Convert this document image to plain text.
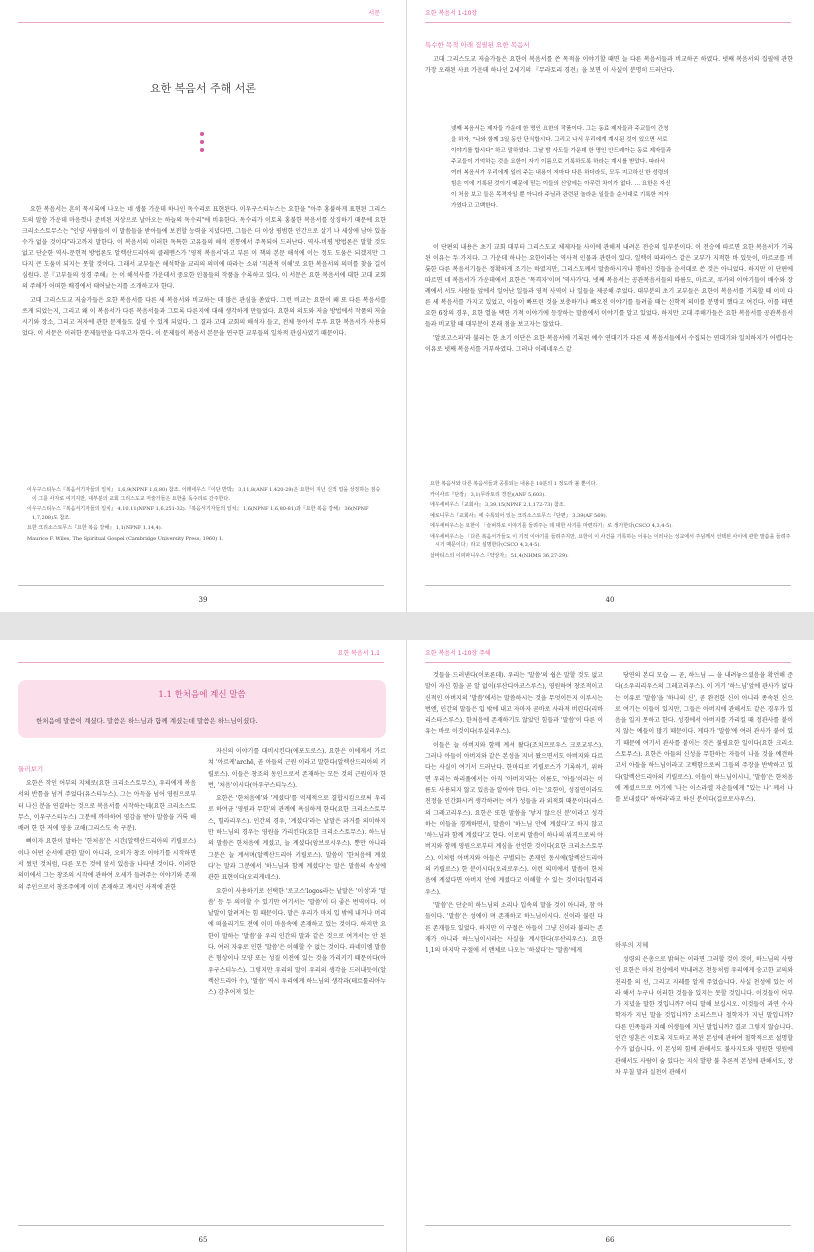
서문
요한 복음서 주해 서론

요한 복음서는 흔히 묵시록에 나오는 네 생물 가운데 하나인 독수리로 표현된다. 이우구스티누스는 요한을 "아주 홍불하게 표현된 그리스도의 말씀 가운데 마음껏나 준비된 지상으로 날아오는 하늘의 독수리"에 비유한다. 독수리가 이토록 홍불한 복음서를 상징하기 때문에 요한 크리소스토무스는 "인양 사람들이 이 말씀들을 받아들에 보전할 능력을 지녔다면, 그들은 더 이상 평범한 인간으로 살기 나 세상에 남아 있을 수가 없을 것이다"라고까지 말한다. 이 복음서의 이러한 독특한 고유들의 해석 전통에서 주목되어 드러난다. 역사-비평 방법론은 말할 것도 없고 단순한 역사-문헌적 방법론도 알렉산드리아의 클레멘스가 '영적 복음서'라고 부른 이 책의 본문 해석에 이는 정도 도움은 되겠지만 그 다지 큰 도움이 되지는 못할 것이다. 그래서 교부들은 해석학을 교리의 의미에 따라는 소위 '직관적 이해'로 요한 복음서의 의미를 찾을 길이 심원다. 본『고부들의 성경 주해』는 이 해석사를 가운데서 중요한 인물들의 작품을 수록하고 있다. 이 서문은 요한 복음서에 대한 고대 교회의 주해가 어떠한 배경에서 태어났는지를 소개하고자 한다.

고대 그리스도교 저술가들은 요한 복음서를 다른 세 복음서와 비교하는 데 많은 관심을 쏟았다. 그런 비교는 요한이 왜 또 다른 복음서를 쓰게 되었는지, 그리고 왜 이 복음서가 다른 복음서들과 그토록 다른지에 대해 생각하게 만들었다. 요한의 의도와 저술 방법에서 작품의 저술 시기와 장소, 그리고 저자에 관한 문제들도 살필 수 있게 되었다. 그 결과 고대 교회의 해석자 들고, 전체 동아서 무루 요한 복음서가 사용되었다. 이 서문은 이러한 문제들만을 다루고자 한다. 이 문제들이 복음서 본문을 연구한 교부들의 일차적 관심사였기 때문이다.

이우구스티누스『복음서기자들의 일치』 1,6,9(NPNF 1,6,80) 참조. 이레네우스『이단 반박』 3,11,8(ANF 1,420-29)은 요한이 지닌 신적 얼을 상징하는 짐승이 그를 사자로 여기지만, 대부분의 교회 그리스도교 저술가들은 요한을 독수리로 간주한다.

이우구스티누스『복음서기자들의 일치』 4,10,11(NPNF 1,6,251-32).『복음서기자들의 일치』 1,6(NPNF 1,6,80-81)과『요한 복음 강해』 36(NPNF 1,7,208)도 참조.

요한 크리소스토무스『요한 복음 강해』 1,1(NPNF 1,14,4).

Maurice F. Wiles, The Spiritual Gospel (Cambridge University Press, 1960) 1.

39
요한 복음서 1-10장
특수한 목적 아래 집필된 요한 복음서

고대 그리스도교 저술가들은 요한이 복음서를 쓴 목적을 이야기할 때면 늘 다른 복음서들과 비교하곤 하였다. 넷째 복음서의 집필에 관한 가장 오래된 사료 가운데 하나인 2세기의 『무라토리 경전』을 보면 이 사실이 분명히 드러난다.

넷째 복음서는 제자들 가운데 한 명인 요한의 작품이다. 그는 동료 제자들과 주교들이 간청
을 하자, "나와 함께 3일 동안 단식합시다. 그리고 나서 우리에게 계시된 것이 있으면 서로
이야기를 합시다" 하고 말하였다. 그날 밤 사도들 가운데 한 명인 안드레아는 동료 제자들과
주교들이 기억하는 것을 요한이 자기 이름으로 기록하도록 하라는 계시를 받았다. 따라서
여러 복음서가 우리에게 일러 주는 내용이 저마다 다른 하더라도, 모두 지고하신 한 성령의
힘은 이에 기록된 것이기 때문에 믿는 이들의 신앙에는 아무런 차이가 없다. … 요한은 자신
이 처음 보고 들은 목격자일 뿐 아니라 주님과 관련된 놀라운 일들을 순서대로 기록한 저자
가였다고 고백한다.

이 단편의 내용은 초기 교회 대부터 그리스도교 체제자들 사이에 관해져 내려온 전승의 일부분이다. 이 전승에 따르면 요한 복음서가 기록된 이유는 두 가지다. 그 가운데 하나는 요한이라는 역사적 인물과 관련이 있다. 일렉이 따파아스 같은 교부가 지적한 바 있듯이, 마르코를 비롯한 다른 복음서기들은 정확하게 조기는 하였지만, 그리스도께서 말씀하시거나 행하신 것들을 순서대로 쓴 것은 아니었다. 하지만 이 단편에 따르면 네 복음서가 가운데에서 요한은 '목격자'이며 '역사가'다. 넷째 복음서는 공관복음서들의 따름도, 마르코, 루카의 이야기들이 배수와 장례에서 서도 사람들 앞에서 일어난 일들과 영적 사역이 나 일들을 제공해 주었다. 대부분의 초기 교부들은 요한이 복음서를 기록할 때 이미 다른 세 복음서를 가지고 있었고, 이들이 빠뜨린 것을 보충하기나 빠오진 이야기를 들려줄 때는 신학적 의미를 분명히 했다고 여긴다. 이를 테면 요한 6장의 경우, 요한 열을 택한 기적 이야기에 등장하는 말씀에서 이야기를 알고 있었다. 하지만 고대 주해가들은 요한 복음서를 공관복음서들과 비교할 때 대부분이 본래 점을 보고자는 않았다.

'알로고스파'라 불리는 한 초기 이단은 요한 복음서에 기록된 예수 연대기가 다른 세 복음서들에서 수집되는 연대기와 일치하지가 어렵다는 이유로 넷째 복음서를 거부하였다. 그러나 이레네우스 같

요한 복음서와 다른 복음서들과 공통되는 내용은 10분의 1 정도라 볼 뿐이다.

카이사르『단장』 3,1(무라토리 경전)(ANF 5,603).

에우세비우스『교회사』 3,39,15(NPNF 2,1,172-73) 참조.

예로니무스『교회사』에 수록되어 있는 크리소스토무스『단편』 3,39(AF 569).

에우세비우스는 요한이 「슬퍼하로 이야기를 들려주는 데 대한 사기를 마련하기」로 생가한다(CSCO 4,3,4-5).

에우세비우스는 「다른 복음서가들도 이 기적 이야기를 들려주지만, 요한이 이 사건을 기록하는 이유는 이러나는 성교에서 주님께서 선택된 사이에 관한 말씀을 들려주시기 때문이다」라고 설명한다(CSCO 4,3,4-5).

살바티스의 이피파니우스『약상자』 51,4(NHMS 36,27-29).

40
요한 복음서 1,1
1.1 한처음에 계신 말씀
한처음에 말씀이 계셨다. 말씀은 하느님과 함께 계셨는데 말씀은 하느님이셨다.
둘러보기

요한은 작인 어부의 지체로(요한 크리소스토무스), 우리에게 복음서의 반틈을 넘겨 주었다(유스티누스). 그는 아득을 넘어 영원으로부터 나신 분을 연결하는 것으로 복음서를 시작하는데(요한 크리소스토무스, 이우구스티누스) 그분에 까마하여 영감을 받아 말씀을 거룩 해 배려 한 한 저에 영웅 교해(그리스도 속 구분).

뼈이자 요한이 말하는 '한처음'은 시간(알렉산드리아의 키릴로스)이나 어떤 순서에 관한 말이 아니라, 오히가 창조 이야기를 시작하면서 썼던 것처럼, 다른 모든 것에 앞서 있음을 나타낸 것이다. 이러한 의미에서 그는 창조의 시작에 관하여 오세가 들려주는 이야기와 존재의 주인으로서 창조주에게 이미 존재하고 계시던 사적에 관한

자신의 이야기를 대비시킨다(에포도로스). 요한은 이에게서 가르쳐 '아르케'archē, 곧 아들의 근원 이라고 말한다(알렉산드리아의 키릴로스). 이들은 창조의 동인으로서 존재하는 모든 것의 근원이자 한번, '처음'이시다(아우구스티누스).

요한은 '한처음에'와 '계셨다'를 억제적으로 결합시킴으로써 우리로 하여금 '영원과 무한'의 관계에 욕심하게 한다(요한 크리소스토무스, 힐라리우스). 인간의 경우, '계셨다'라는 낱말은 과거를 의미하지만 하느님의 경우는 영원을 가리킨다(요한 크리소스토무스). 하느님의 말씀은 한처음에 계셨고, 늘 계셨다(암브로시우스). 뿐만 아니라 그분은 늘 계셔며(알렉산드리아 키릴로스). 말씀이 '한처음에 계셨다'는 말과 그분에서 '하느님과 함께 계셨다'는 말은 말씀의 속성에 관한 표현이다(오리게네스).

요한이 사용하기로 선택한 '로고스'logos라는 낱말은 '이성'과 '말씀' 등 두 의미할 수 있기만 여기서는 '말씀'이 더 좋은 번역이다. 이 낱말이 알려져는 힘 때문이다. 말은 우리가 마치 입 밖에 내거나 머리에 떠올리기도 전에 이미 마음속에 존재하고 있는 것이다. 하지만 요한이 말하는 '말씀'을 우리 인간의 말과 같은 것으로 여겨서는 안 된다. 여러 자유로 인한 '말씀'은 이해할 수 없는 것이다. 파네미엠 말씀은 형상이나 모양 또는 성질 이전에 있는 것을 가리키기 때문이다(아우구스티누스). 그렇지만 우리의 말이 우리의 생각을 드러내듯이(알렉산드리아 수), '말씀' 역시 우리에게 하느님의 생각과(테르툴리아누스) 감추어져 있는

65
요한 복음서 1-10장 주해

것들을 드러낸다(이포론데). 우리는 '말씀'의 쉽은 말할 것도 없고 말이 자신 힘을 곧 알 없이(루산디아코스루스), 영원하여 창조적이고 신적인 아버지의 '말씀'에서는 말씀하시는 것을 무엇이든지 이루시는 번엔, 인간의 말들은 입 밖에 내고 자마자 곧바로 사라져 버린다(리바리스타스루스). 한처음에 존재하기도 않았던 힘들과 '말씀'이 다른 이유는 바로 이것이다(루실리우스).

이들은 늘 아버지와 함께 계셔 왔다(조치프로우스 크로교루스). 그러나 아들이 아버지와 같은 본성을 지녀 왔으면서도 아버지와 다르다는 사실이 여기서 드러난다. 한마디로 키릴로스가 기록하기, 위하면 우리는 하리풀에서는 아직 '아버지'라는 이름도, '아들'이라는 이름도 사용되지 않고 있음을 알아야 한다. 이는 '요한이, 성질연이라도 진정을 인간화시켜 생각하려는 여가 성들을 과 외적회 때문이다(라스의 그레고리우스). 요한은 또한 말씀을 '낳지 않으신 분'이라고 성각하는 이들을 경계하면서, 말씀이 '하느님 안에 계셨다'고 하지 않고 '하느님과 함께 계셨다'고 한다. 이로써 말씀이 하나의 위격으로써 아버지와 함께 영원으로부터 계심을 선언한 것이다(요한 크리소스토무스). 이처럼 아버지와 아들은 구별되는 존재인 동시에(알렉산드리아의 키릴로스) 한 분이시다(오리로우스). 이런 의미에서 말씀이 한처음에 계셨다면 아버지 안에 계셨다고 이해할 수 있는 것이다(힐라리우스).

'말씀'은 단순히 하느님의 소리나 입속의 말을 것이 아니라, 참 아들이다. '말씀'은 성에이 며 존재하고 하느님이시다. 신이라 불린 다른 존재들도 있었다. 하지만 이 구절은 아들이 그냥 신이라 불리는 존재가 아니라 하느님이시라는 사실을 계시한다(루산리우스). 요한 1,1의 마지막 구절에 서 맨체로 나오는 '하셨다'는 '말씀'에게

당연의 본디 모습 — 곧, 하느님 — 을 내려놓으셨음을 확언해 준다(소우리리우스의 그레고리우스). 이 거기 '하느님'앞에 관사가 없다는 이유로 '말씀'을 '하나의 신', 곧 완전한 신이 아니라 종속된 신으로 여기는 이들이 있지만, 그들은 아버지에 관해서도 같은 경우가 있음을 일지 못하고 한다. 성경에서 아버지를 가리킬 때 정관사를 붙이지 않는 예들이 많기 때문이다. 게다가 '말씀'에 여러 관사가 붙어 있기 때문에 여기서 관사를 붙이는 것은 불필요한 일이다(요한 크리소스토무스). 요한은 아들의 신성을 무한하는 자들이 나올 것을 예견하고서 아들을 하느님이라고 고백함으로써 그들의 주장을 반박하고 있다(알렉산드리아의 키릴로스). 이들이 하느님이시니, '말씀'은 한처음에 계셨으므로 여기에 '나는 이스라엘 자손들에게 "있는 나' 께서 나를 보내셨다" 하여라'라고 하신 분이다(길로로사우스).

하루의 지혜

성령의 은총으로 밝혀는 이라면 그러할 것이 것이, 하느님의 사랑인 요한은 마치 천상에서 박내려온 천둥처럼 우리에게 숭고한 교의와 진리를 의 선, 그리고 지레를 알게 주었습니다. 사실 천성에 있는 이라 해서 누구나 이러한 것들을 있지는 못할 것입니다. 이것들이 어부가 지녔을 말한 것입니까? 어디 말해 보십시오. 이것들이 과연 수사학자가 지닌 말을 것입니까? 소피스트나 철학자가 지닌 말입니까? 다른 민족들과 지혜 어생들에 지닌 말입니까? 결코 그렇지 않습니다. 인간 영혼은 이토록 지도하고 복된 본성에 관하여 철학적으로 설명할 수가 없습니다. 이 본성의 힘에 관해서도 불사지도와 영원한 영원에 관해서도 사람이 숨 있다는 지식 발광 불 추론적 본성에 관해서도, 장차 부칠 말과 실천이 관해서

66
